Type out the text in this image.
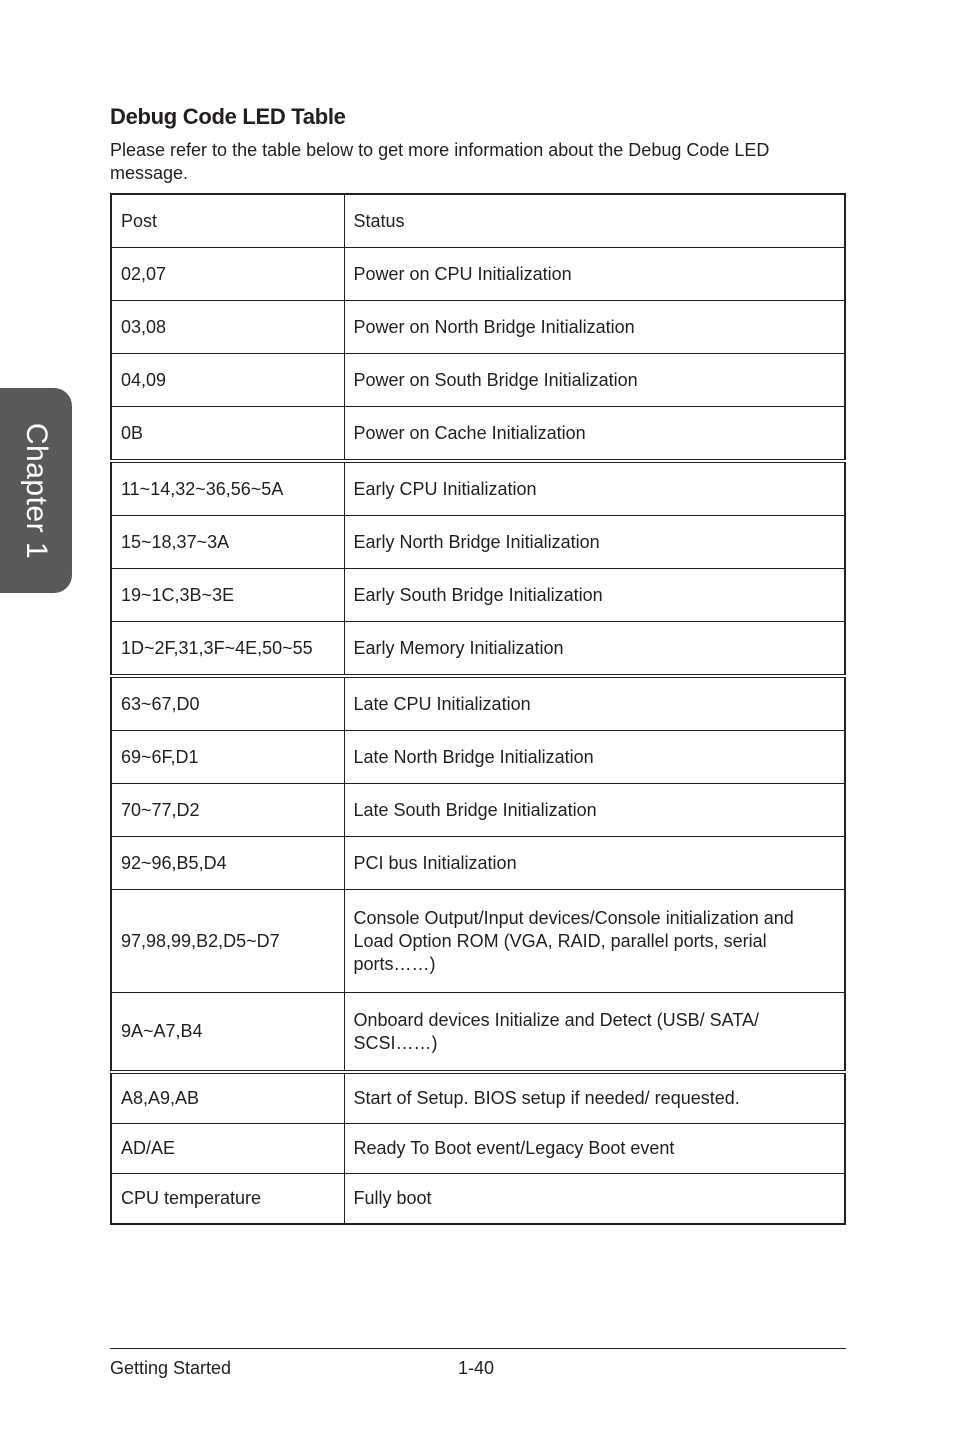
Chapter 1
Debug Code LED Table

Please refer to the table below to get more information about the Debug Code LED message.

Post	Status
02,07	Power on CPU Initialization
03,08	Power on North Bridge Initialization
04,09	Power on South Bridge Initialization
0B	Power on Cache Initialization
11~14,32~36,56~5A	Early CPU Initialization
15~18,37~3A	Early North Bridge Initialization
19~1C,3B~3E	Early South Bridge Initialization
1D~2F,31,3F~4E,50~55	Early Memory Initialization
63~67,D0	Late CPU Initialization
69~6F,D1	Late North Bridge Initialization
70~77,D2	Late South Bridge Initialization
92~96,B5,D4	PCI bus Initialization
97,98,99,B2,D5~D7	Console Output/Input devices/Console initialization and Load Option ROM (VGA, RAID, parallel ports, serial ports……)
9A~A7,B4	Onboard devices Initialize and Detect (USB/ SATA/ SCSI……)
A8,A9,AB	Start of Setup. BIOS setup if needed/ requested.
AD/AE	Ready To Boot event/Legacy Boot event
CPU temperature	Fully boot
Getting Started	1-40
